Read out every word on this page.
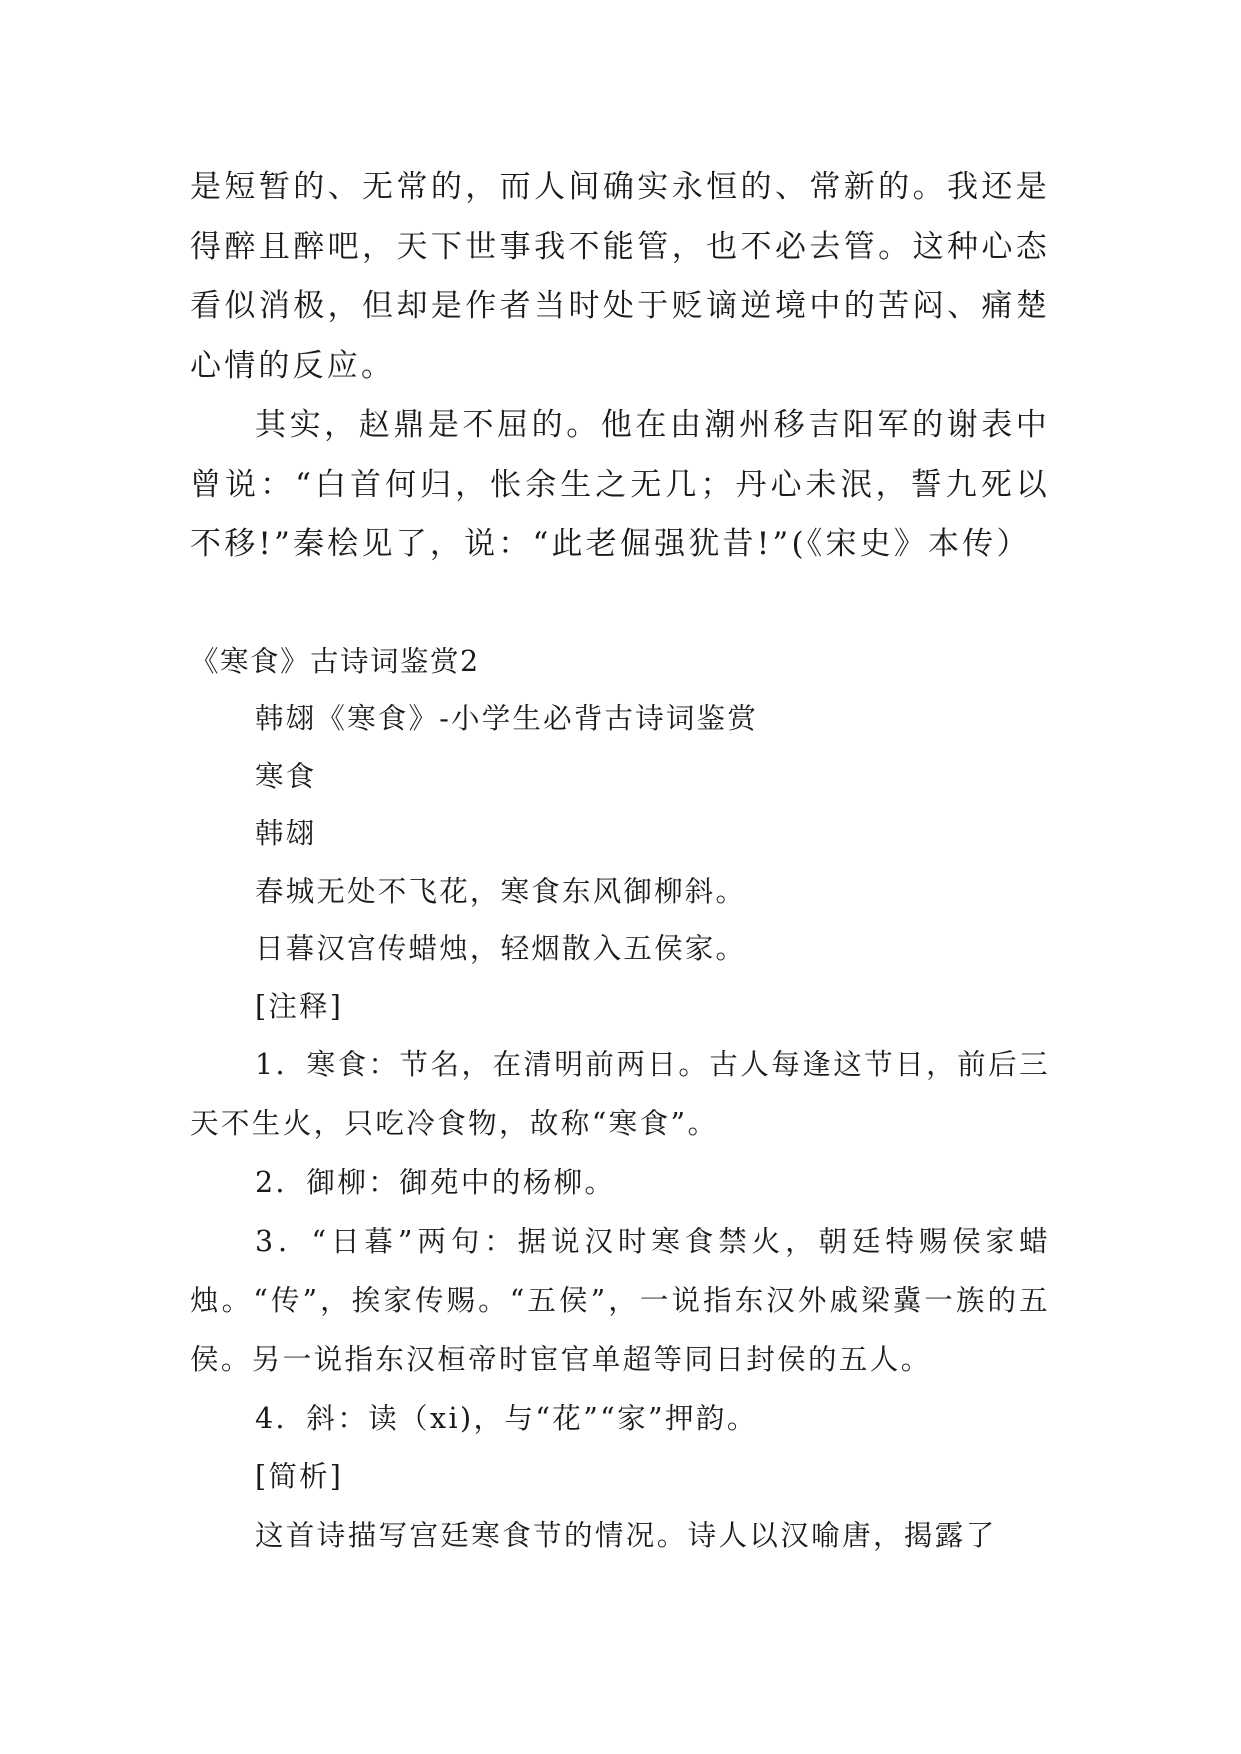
是短暂的、无常的，而人间确实永恒的、常新的。我还是得醉且醉吧，天下世事我不能管，也不必去管。这种心态看似消极，但却是作者当时处于贬谪逆境中的苦闷、痛楚心情的反应。

其实，赵鼎是不屈的。他在由潮州移吉阳军的谢表中曾说：“白首何归，怅余生之无几；丹心未泯，誓九死以不移!”秦桧见了，说：“此老倔强犹昔!”(《宋史》本传）

《寒食》古诗词鉴赏2

韩翃《寒食》-小学生必背古诗词鉴赏

寒食

韩翃

春城无处不飞花，寒食东风御柳斜。

日暮汉宫传蜡烛，轻烟散入五侯家。

[注释]

1．寒食：节名，在清明前两日。古人每逢这节日，前后三天不生火，只吃冷食物，故称“寒食”。

2．御柳：御苑中的杨柳。

3．“日暮”两句：据说汉时寒食禁火，朝廷特赐侯家蜡烛。“传”，挨家传赐。“五侯”，一说指东汉外戚梁冀一族的五侯。另一说指东汉桓帝时宦官单超等同日封侯的五人。

4．斜：读（xi)，与“花”“家”押韵。

[简析]

这首诗描写宫廷寒食节的情况。诗人以汉喻唐，揭露了
